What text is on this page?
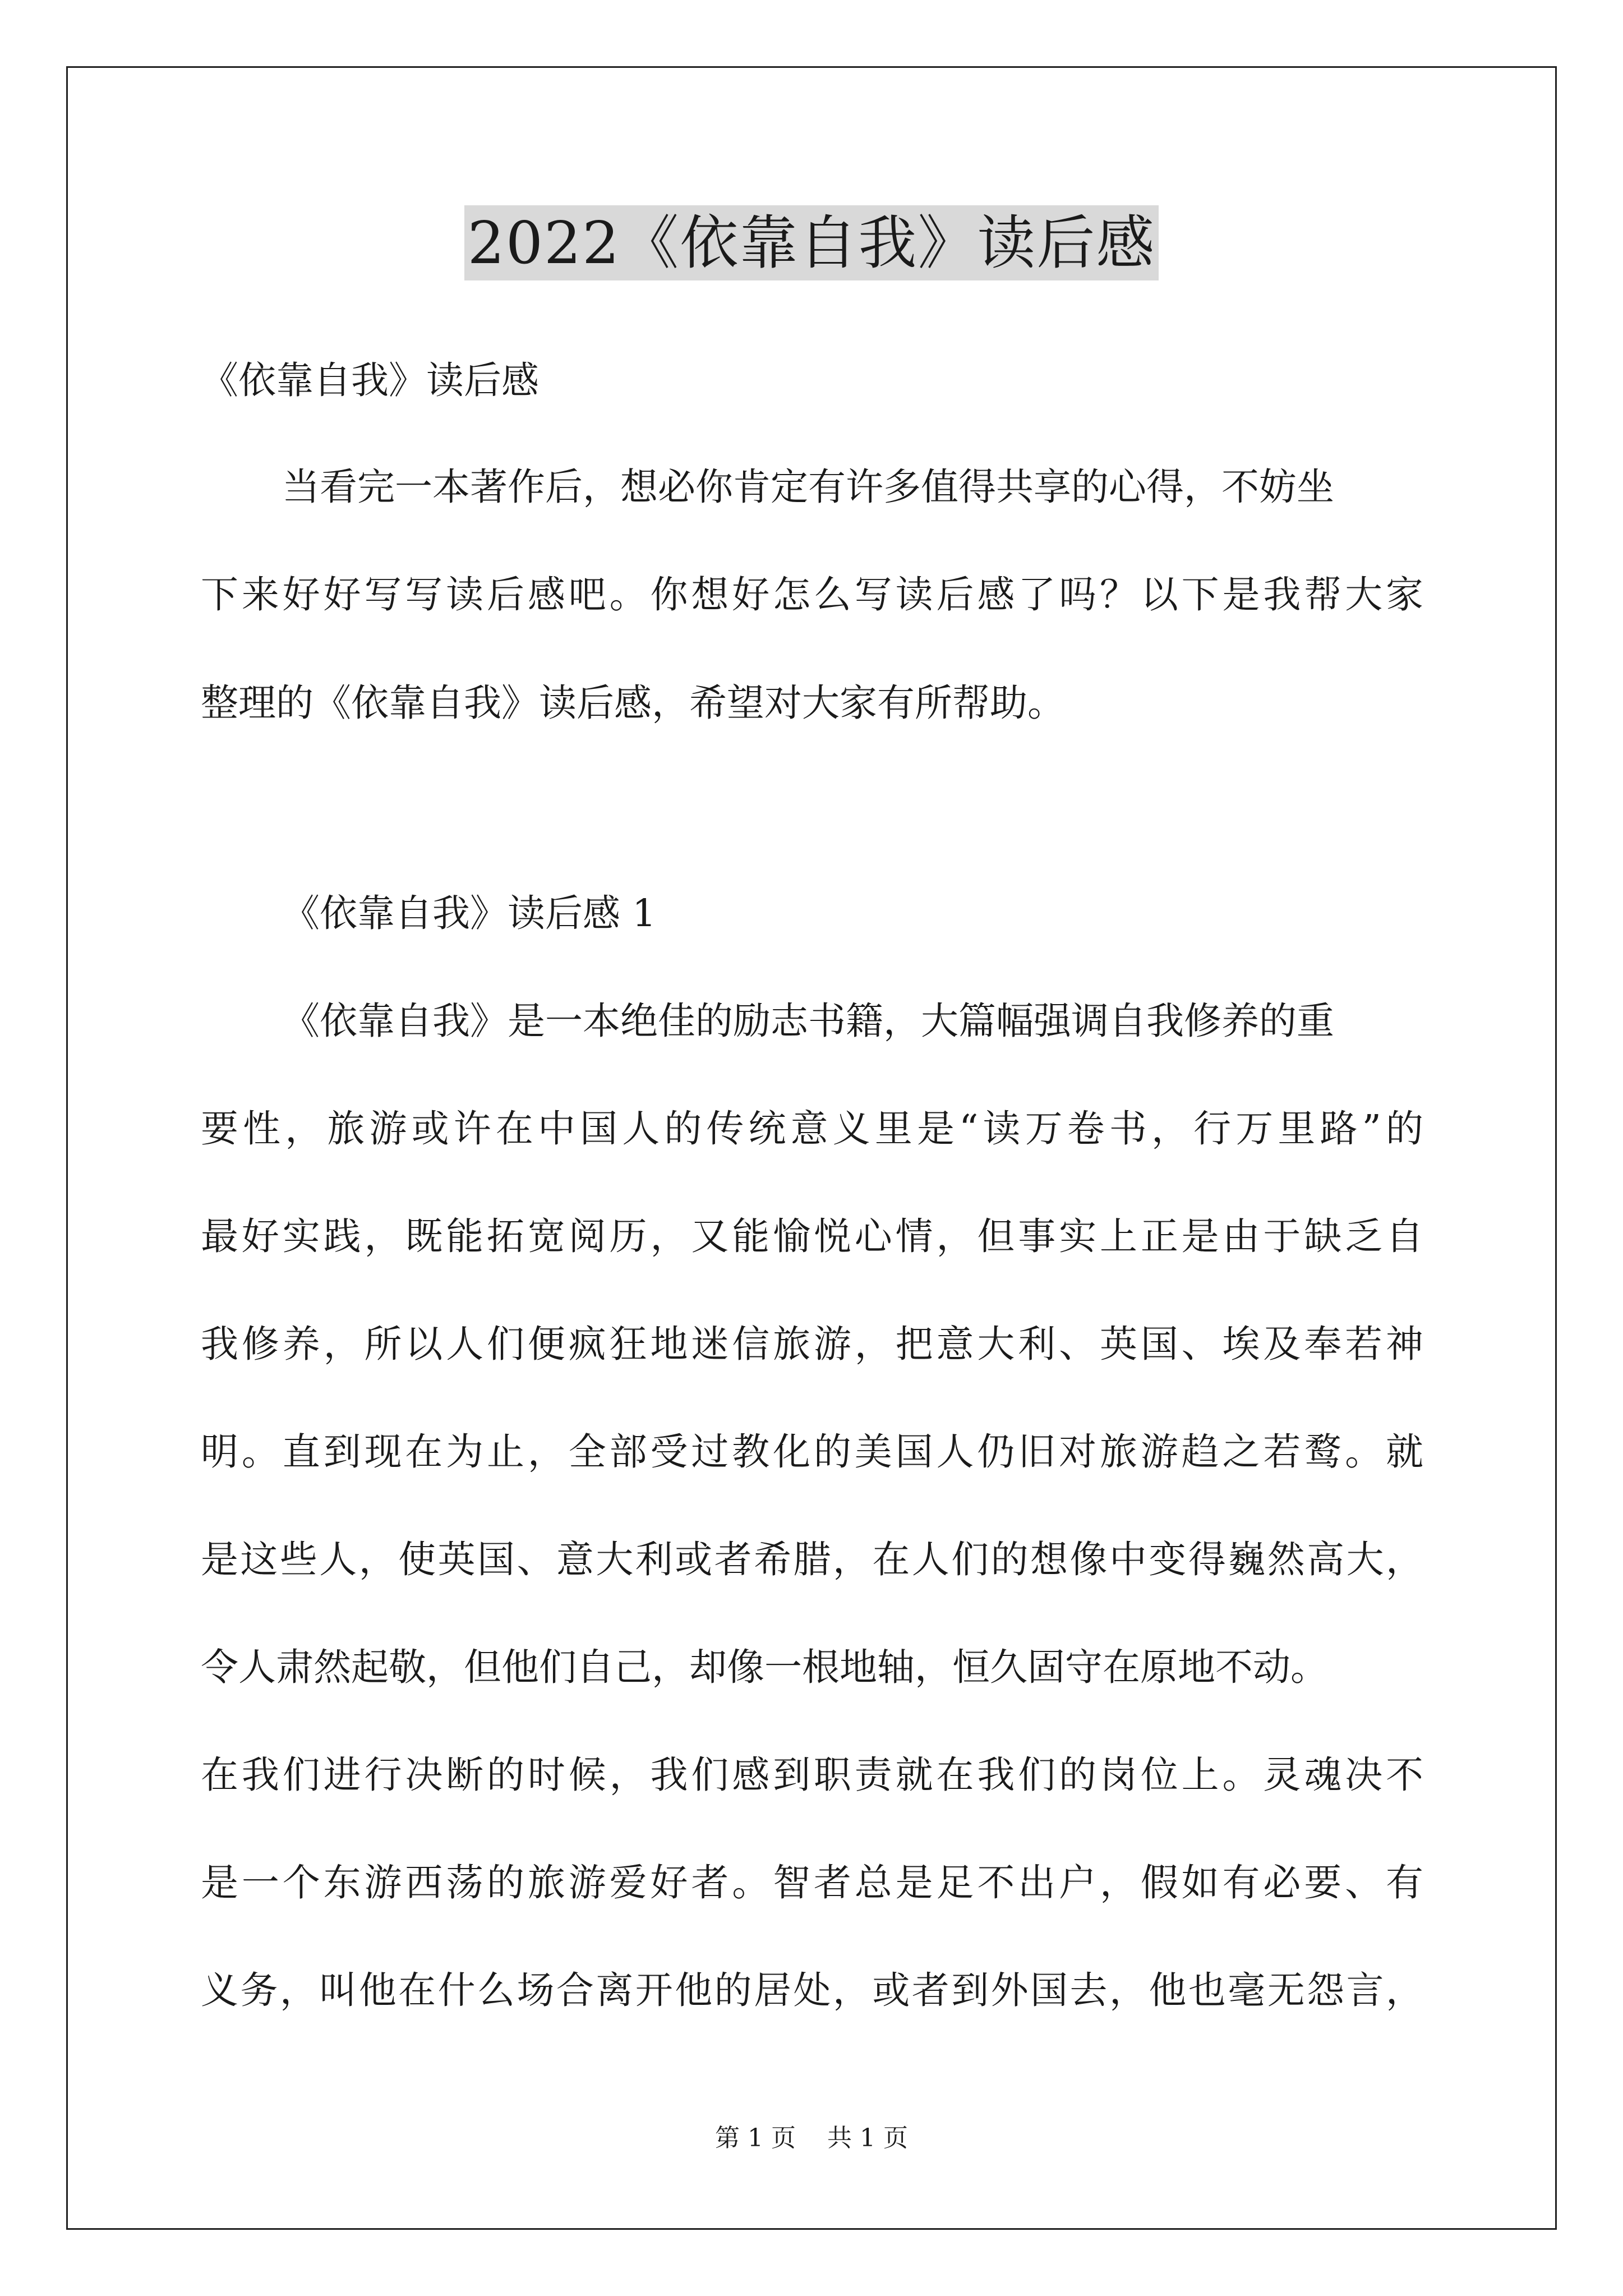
2022《依靠自我》读后感
《依靠自我》读后感
当看完一本著作后，想必你肯定有许多值得共享的心得，不妨坐
下来好好写写读后感吧。你想好怎么写读后感了吗？以下是我帮大家
整理的《依靠自我》读后感，希望对大家有所帮助。
《依靠自我》读后感 1
《依靠自我》是一本绝佳的励志书籍，大篇幅强调自我修养的重
要性，旅游或许在中国人的传统意义里是“读万卷书，行万里路”的
最好实践，既能拓宽阅历，又能愉悦心情，但事实上正是由于缺乏自
我修养，所以人们便疯狂地迷信旅游，把意大利、英国、埃及奉若神
明。直到现在为止，全部受过教化的美国人仍旧对旅游趋之若鹜。就
是这些人，使英国、意大利或者希腊，在人们的想像中变得巍然高大，
令人肃然起敬，但他们自己，却像一根地轴，恒久固守在原地不动。
在我们进行决断的时候，我们感到职责就在我们的岗位上。灵魂决不
是一个东游西荡的旅游爱好者。智者总是足不出户，假如有必要、有
义务，叫他在什么场合离开他的居处，或者到外国去，他也毫无怨言，
第 1 页 共 1 页
